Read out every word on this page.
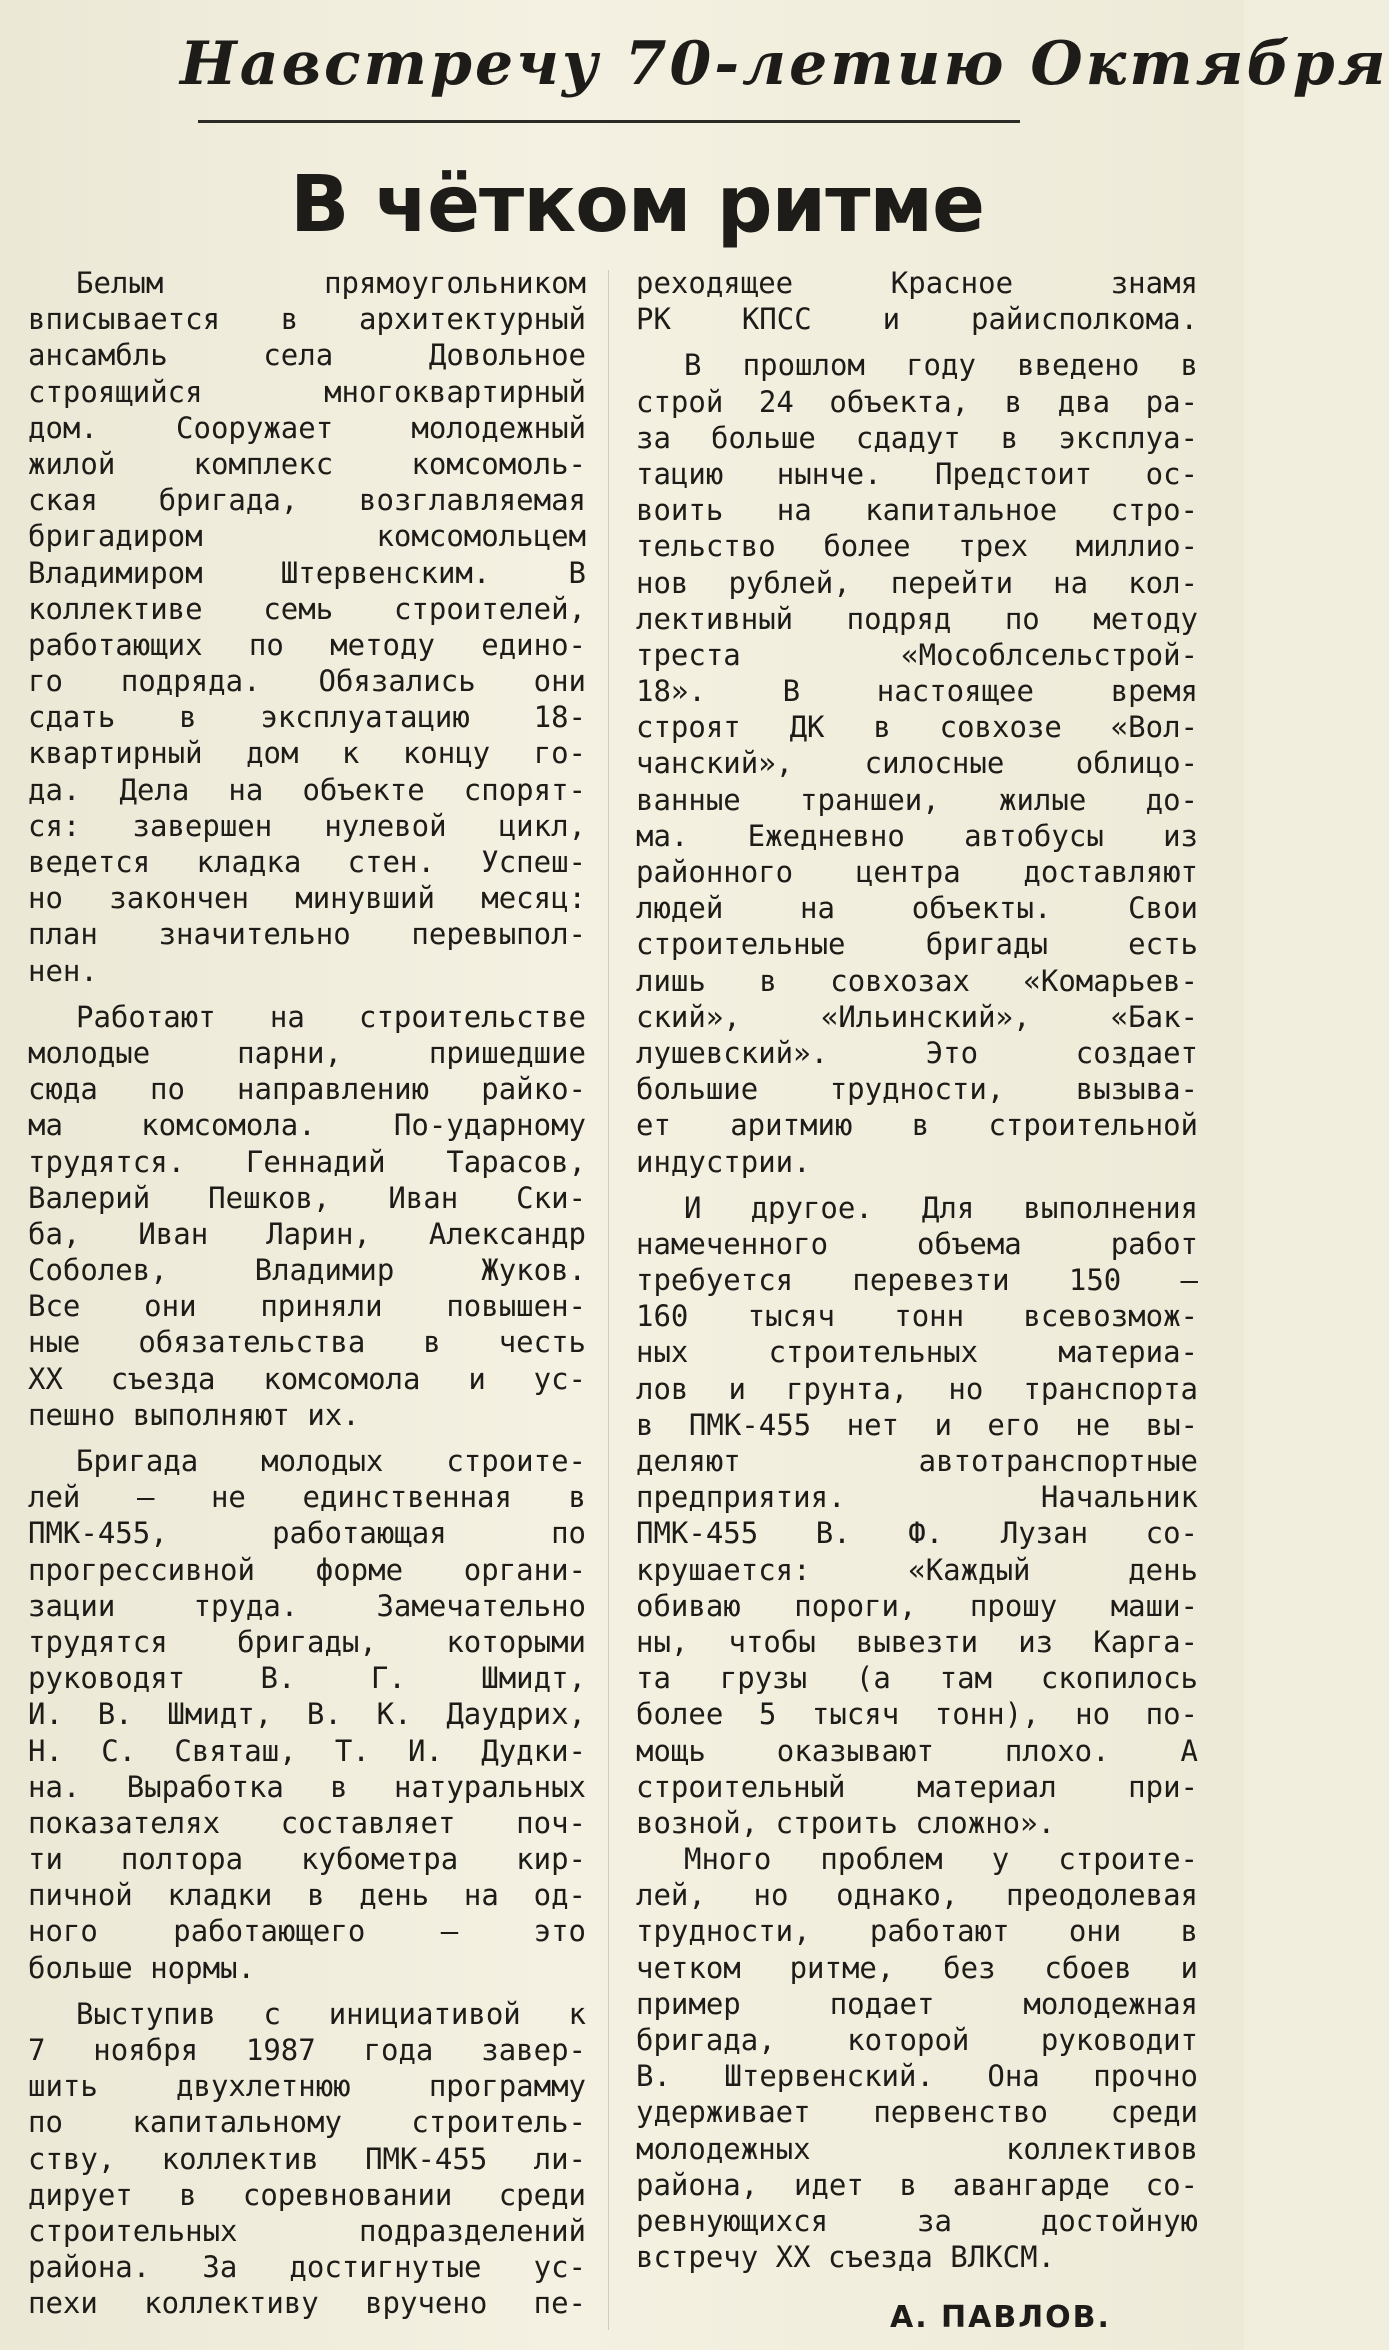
Навстречу 70-летию Октября
В чётком ритме
Белым прямоугольником
вписывается в архитектурный
ансамбль села Довольное
строящийся многоквартирный
дом. Сооружает молодежный
жилой комплекс комсомоль-
ская бригада, возглавляемая
бригадиром комсомольцем
Владимиром Штервенским. В
коллективе семь строителей,
работающих по методу едино-
го подряда. Обязались они
сдать в эксплуатацию 18-
квартирный дом к концу го-
да. Дела на объекте спорят-
ся: завершен нулевой цикл,
ведется кладка стен. Успеш-
но закончен минувший месяц:
план значительно перевыпол-
нен.
Работают на строительстве
молодые парни, пришедшие
сюда по направлению райко-
ма комсомола. По-ударному
трудятся. Геннадий Тарасов,
Валерий Пешков, Иван Ски-
ба, Иван Ларин, Александр
Соболев, Владимир Жуков.
Все они приняли повышен-
ные обязательства в честь
XX съезда комсомола и ус-
пешно выполняют их.
Бригада молодых строите-
лей — не единственная в
ПМК-455, работающая по
прогрессивной форме органи-
зации труда. Замечательно
трудятся бригады, которыми
руководят В. Г. Шмидт,
И. В. Шмидт, В. К. Даудрих,
Н. С. Святаш, Т. И. Дудки-
на. Выработка в натуральных
показателях составляет поч-
ти полтора кубометра кир-
пичной кладки в день на од-
ного работающего — это
больше нормы.
Выступив с инициативой к
7 ноября 1987 года завер-
шить двухлетнюю программу
по капитальному строитель-
ству, коллектив ПМК-455 ли-
дирует в соревновании среди
строительных подразделений
района. За достигнутые ус-
пехи коллективу вручено пе-
реходящее Красное знамя
РК КПСС и райисполкома.
В прошлом году введено в
строй 24 объекта, в два ра-
за больше сдадут в эксплуа-
тацию нынче. Предстоит ос-
воить на капитальное стро-
тельство более трех миллио-
нов рублей, перейти на кол-
лективный подряд по методу
треста «Мособлсельстрой-
18». В настоящее время
строят ДК в совхозе «Вол-
чанский», силосные облицо-
ванные траншеи, жилые до-
ма. Ежедневно автобусы из
районного центра доставляют
людей на объекты. Свои
строительные бригады есть
лишь в совхозах «Комарьев-
ский», «Ильинский», «Бак-
лушевский». Это создает
большие трудности, вызыва-
ет аритмию в строительной
индустрии.
И другое. Для выполнения
намеченного объема работ
требуется перевезти 150 —
160 тысяч тонн всевозмож-
ных строительных материа-
лов и грунта, но транспорта
в ПМК-455 нет и его не вы-
деляют автотранспортные
предприятия. Начальник
ПМК-455 В. Ф. Лузан со-
крушается: «Каждый день
обиваю пороги, прошу маши-
ны, чтобы вывезти из Карга-
та грузы (а там скопилось
более 5 тысяч тонн), но по-
мощь оказывают плохо. А
строительный материал при-
возной, строить сложно».
Много проблем у строите-
лей, но однако, преодолевая
трудности, работают они в
четком ритме, без сбоев и
пример подает молодежная
бригада, которой руководит
В. Штервенский. Она прочно
удерживает первенство среди
молодежных коллективов
района, идет в авангарде со-
ревнующихся за достойную
встречу XX съезда ВЛКСМ.
А. ПАВЛОВ.
